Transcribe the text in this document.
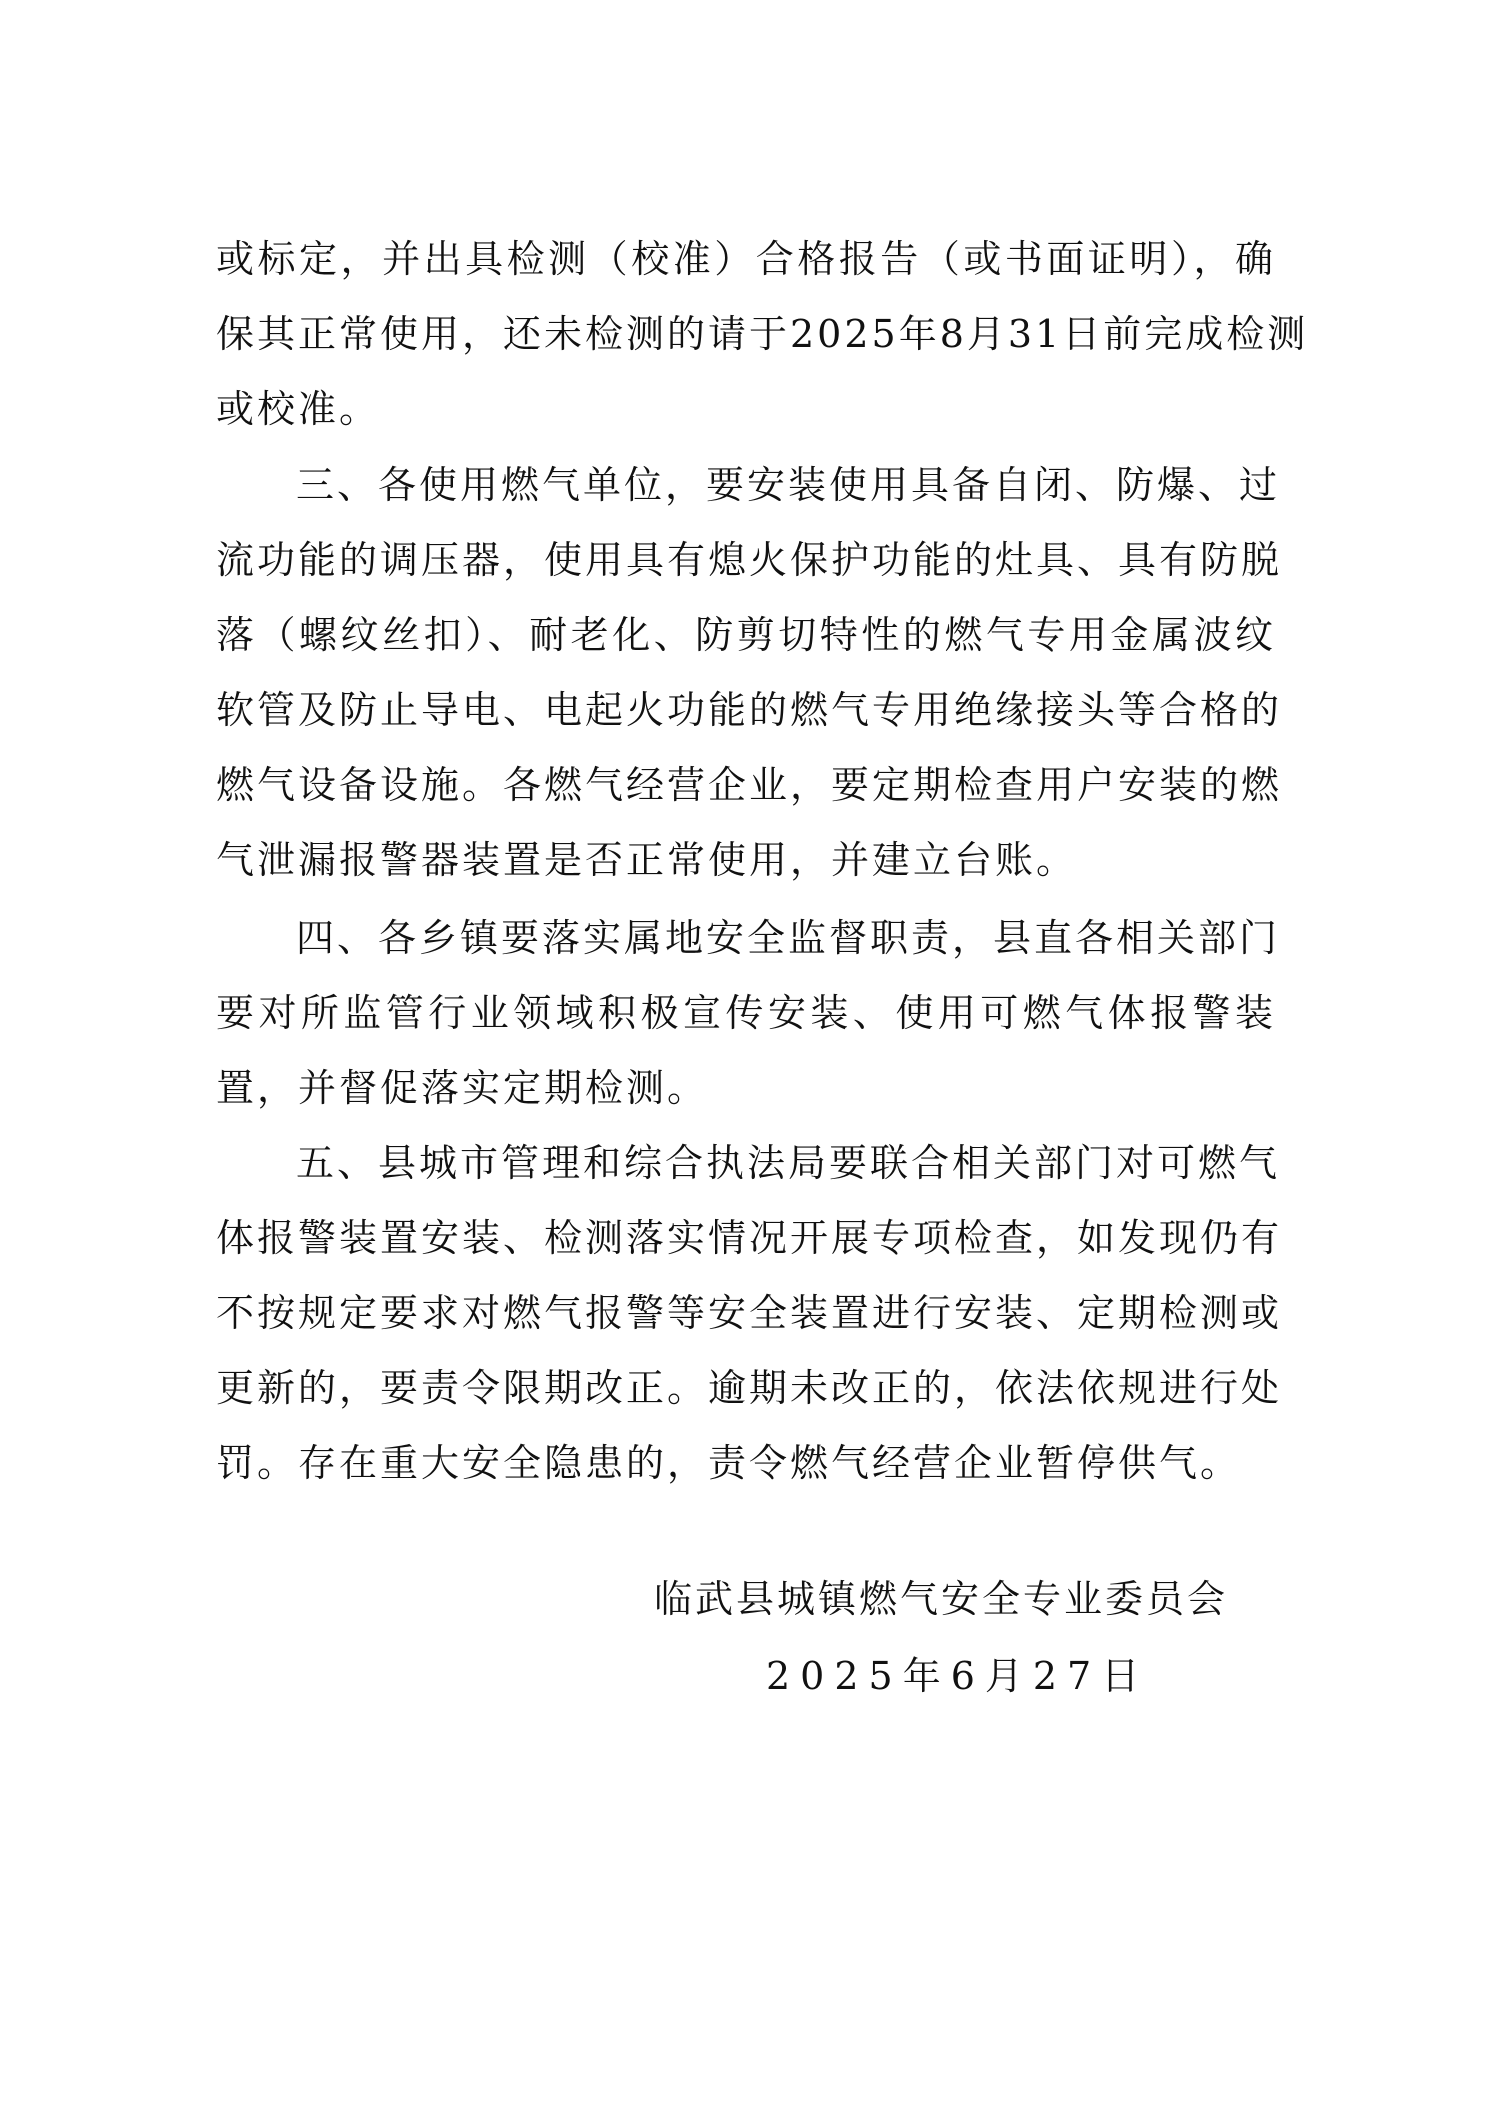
或标定，并出具检测（校准）合格报告（或书面证明），确
保其正常使用，还未检测的请于2025年8月31日前完成检测
或校准。
三、各使用燃气单位，要安装使用具备自闭、防爆、过
流功能的调压器，使用具有熄火保护功能的灶具、具有防脱
落（螺纹丝扣）、耐老化、防剪切特性的燃气专用金属波纹
软管及防止导电、电起火功能的燃气专用绝缘接头等合格的
燃气设备设施。各燃气经营企业，要定期检查用户安装的燃
气泄漏报警器装置是否正常使用，并建立台账。
四、各乡镇要落实属地安全监督职责，县直各相关部门
要对所监管行业领域积极宣传安装、使用可燃气体报警装
置，并督促落实定期检测。
五、县城市管理和综合执法局要联合相关部门对可燃气
体报警装置安装、检测落实情况开展专项检查，如发现仍有
不按规定要求对燃气报警等安全装置进行安装、定期检测或
更新的，要责令限期改正。逾期未改正的，依法依规进行处
罚。存在重大安全隐患的，责令燃气经营企业暂停供气。
临武县城镇燃气安全专业委员会
2025年6月27日
